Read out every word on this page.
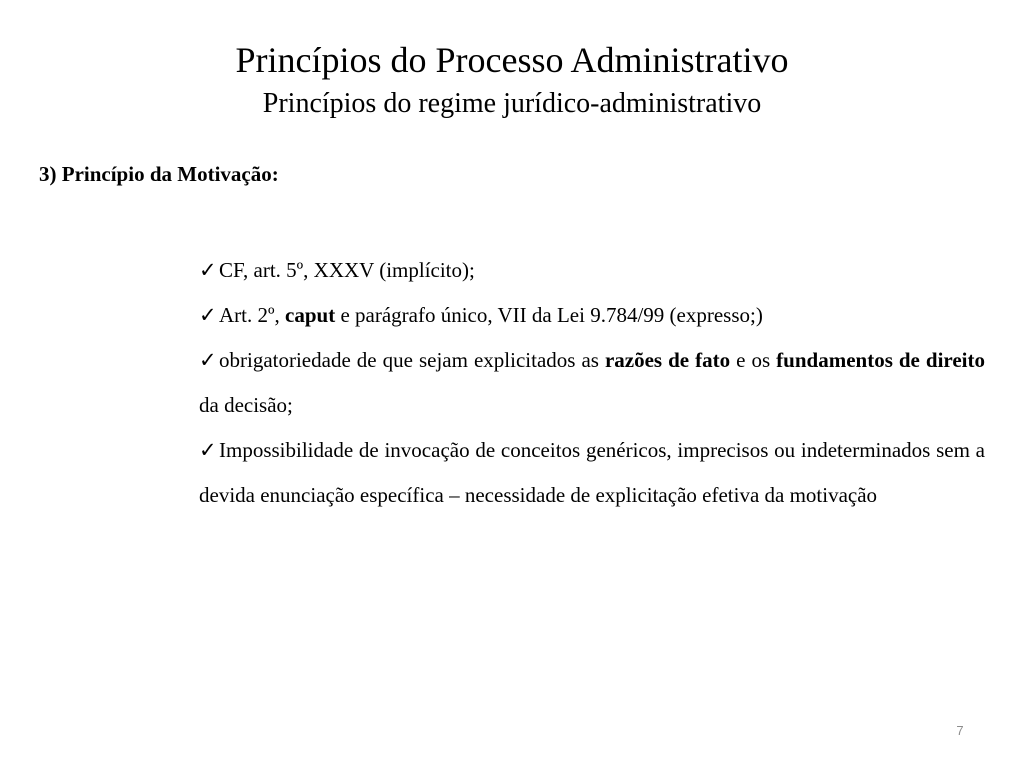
Princípios do Processo Administrativo
Princípios do regime jurídico-administrativo

3) Princípio da Motivação:

✓ CF, art. 5º, XXXV (implícito);
✓ Art. 2º, caput e parágrafo único, VII da Lei 9.784/99 (expresso;)
✓ obrigatoriedade de que sejam explicitados as razões de fato e os fundamentos de direito da decisão;
✓ Impossibilidade de invocação de conceitos genéricos, imprecisos ou indeterminados sem a devida enunciação específica – necessidade de explicitação efetiva da motivação
7
